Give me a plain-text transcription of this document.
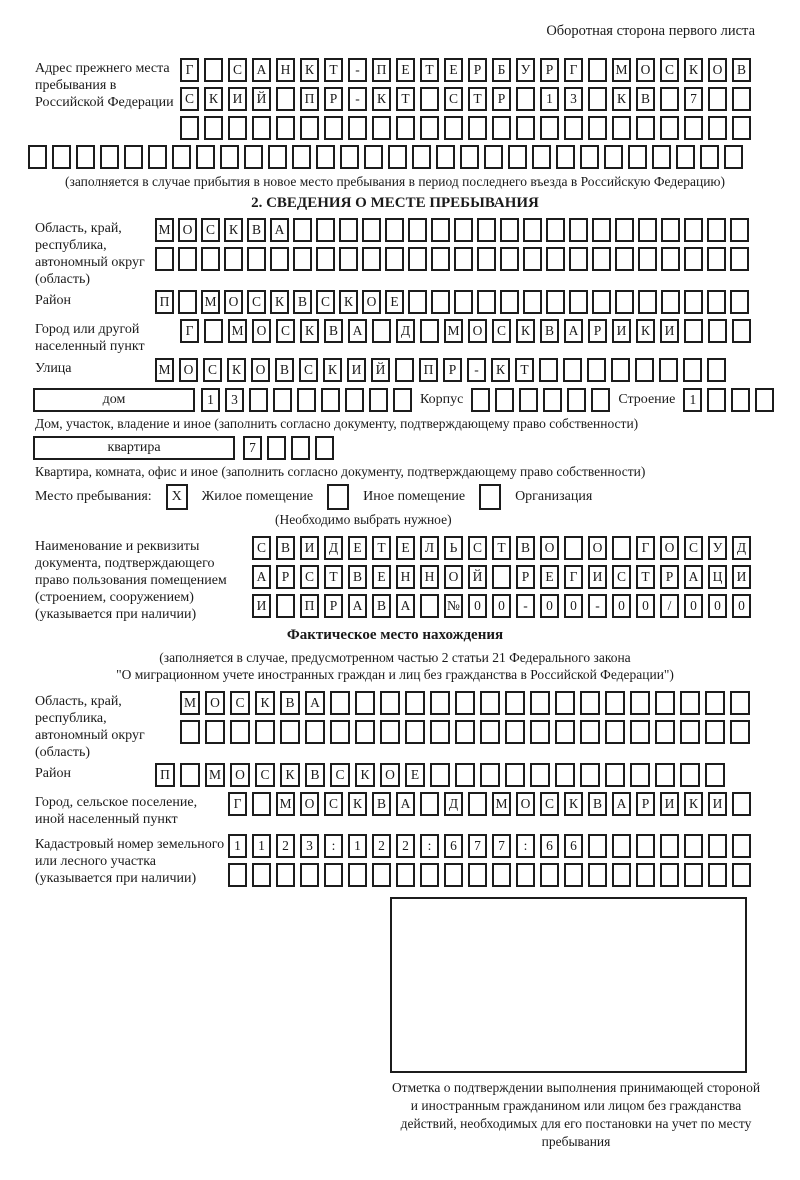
Оборотная сторона первого листа
Адрес прежнего места пребывания в Российской Федерации
Г	С	А	Н	К	Т	-	П	Е	Т	Е	Р	Б	У	Р	Г	М О	С	К	О	В
С	К	И	Й	П	Р	-	К	Т	С	Т	Р	1	3	К	В	7
(заполняется в случае прибытия в новое место пребывания в период последнего въезда в Российскую Федерацию)
2. СВЕДЕНИЯ О МЕСТЕ ПРЕБЫВАНИЯ
Область, край, республика, автономный округ (область)
М О	С	К	В	А
Район	П	М О	С	К	В	С	К	О	Е
Город или другой населенный пункт
Г	М О	С	К	В	А	Д	М О	С	К	В	А	Р	И	К	И
Улица	М О	С	К	О	В	С	К	И	Й	П	Р	-	К	Т
дом	1	3	Корпус	Строение	1
Дом, участок, владение и иное (заполнить согласно документу, подтверждающему право собственности)
квартира	7
Квартира, комната, офис и иное (заполнить согласно документу, подтверждающему право собственности)
Место пребывания:	X	Жилое помещение	Иное помещение	Организация
(Необходимо выбрать нужное)
Наименование и реквизиты документа, подтверждающего право пользования помещением (строением, сооружением) (указывается при наличии)
С	В	И	Д	Е	Т	Е	Л	Ь	С	Т	В	О	О	Г	О	С	У	Д
А	Р	С	Т	В	Е	Н	Н	О	Й	Р	Е	Г	И	С	Т	Р	А	Ц	И
И	П	Р	А	В	А	№	0	0	-	0	0	-	0	0	/	0	0	0
Фактическое место нахождения
(заполняется в случае, предусмотренном частью 2 статьи 21 Федерального закона
"О миграционном учете иностранных граждан и лиц без гражданства в Российской Федерации")
Область, край, республика, автономный округ (область)
М	О	С	К	В	А
Район	П	М	О	С	К	В	С	К	О	Е
Город, сельское поселение, иной населенный пункт
Г	М О	С	К	В	А	Д	М О	С	К	В	А	Р	И	К	И
Кадастровый номер земельного или лесного участка (указывается при наличии)
1	1	2	3	:	1	2	2	:	6	7	7	:	6	6
Отметка о подтверждении выполнения принимающей стороной и иностранным гражданином или лицом без гражданства действий, необходимых для его постановки на учет по месту пребывания
